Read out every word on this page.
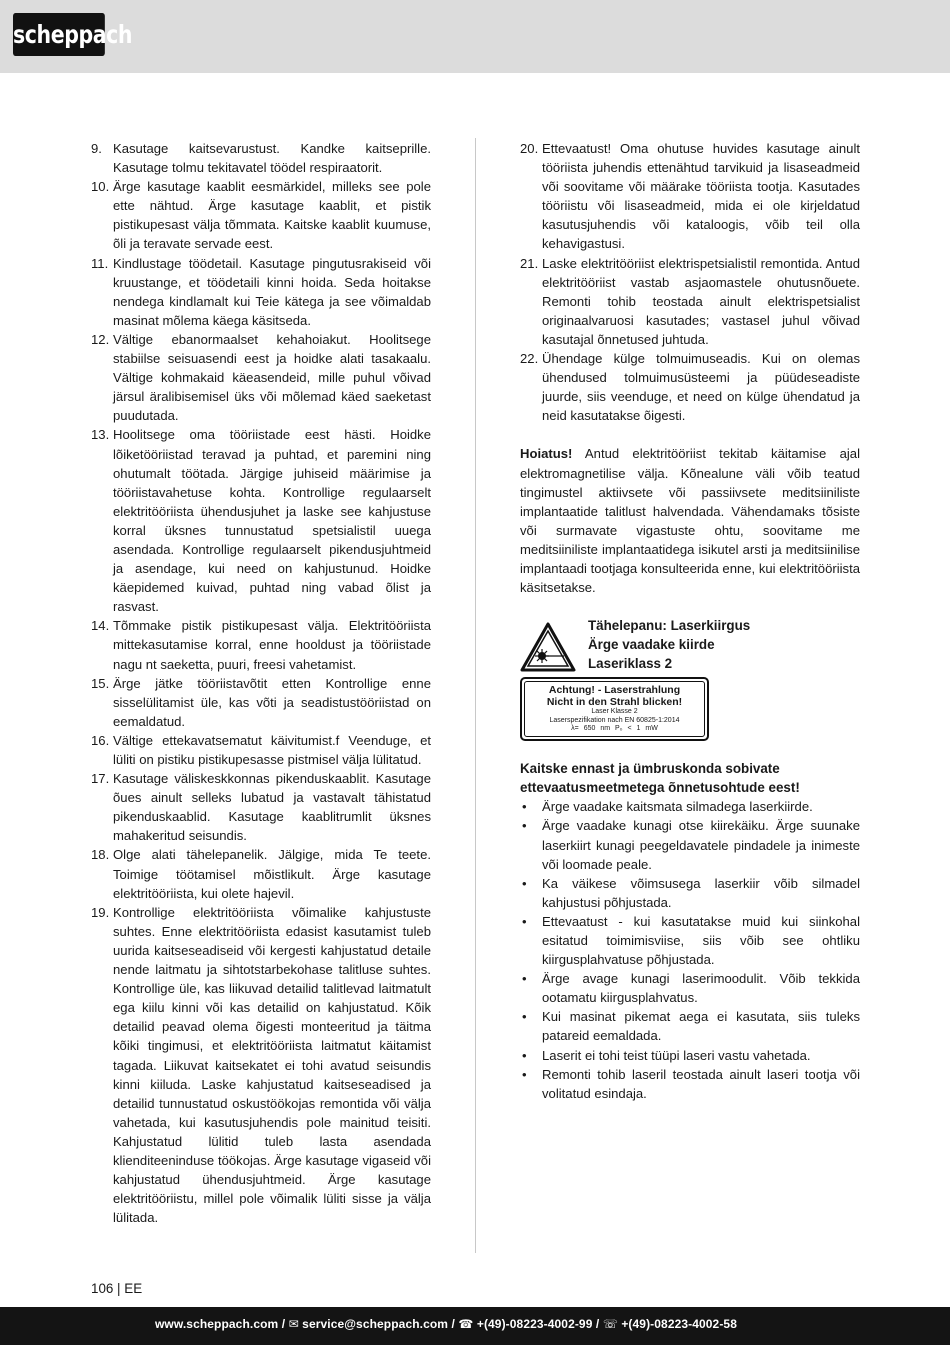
scheppach
9. Kasutage kaitsevarustust. Kandke kaitseprille. Kasutage tolmu tekitavatel töödel respiraatorit.
10. Ärge kasutage kaablit eesmärkidel, milleks see pole ette nähtud. Ärge kasutage kaablit, et pistik pistikupesast välja tõmmata. Kaitske kaablit kuumuse, õli ja teravate servade eest.
11. Kindlustage töödetail. Kasutage pingutusrakiseid või kruustange, et töödetaili kinni hoida. Seda hoitakse nendega kindlamalt kui Teie kätega ja see võimaldab masinat mõlema käega käsitseda.
12. Vältige ebanormaalset kehahoiakut. Hoolitsege stabiilse seisuasendi eest ja hoidke alati tasakaalu. Vältige kohmakaid käeasendeid, mille puhul võivad järsul äralibisemisel üks või mõlemad käed saeketast puudutada.
13. Hoolitsege oma tööriistade eest hästi. Hoidke lõiketööriistad teravad ja puhtad, et paremini ning ohutumalt töötada. Järgige juhiseid määrimise ja tööriistavahetuse kohta. Kontrollige regulaarselt elektritööriista ühendusjuhet ja laske see kahjustuse korral üksnes tunnustatud spetsialistil uuega asendada. Kontrollige regulaarselt pikendusjuhtmeid ja asendage, kui need on kahjustunud. Hoidke käepidemed kuivad, puhtad ning vabad õlist ja rasvast.
14. Tõmmake pistik pistikupesast välja. Elektritööriista mittekasutamise korral, enne hooldust ja tööriistade nagu nt saeketta, puuri, freesi vahetamist.
15. Ärge jätke tööriistavõtit etten Kontrollige enne sisselülitamist üle, kas võti ja seadistustööriistad on eemaldatud.
16. Vältige ettekavatsematut käivitumist.f Veenduge, et lüliti on pistiku pistikupesasse pistmisel välja lülitatud.
17. Kasutage väliskeskkonnas pikenduskaablit. Kasutage õues ainult selleks lubatud ja vastavalt tähistatud pikenduskaablid. Kasutage kaablitrumlit üksnes mahakeritud seisundis.
18. Olge alati tähelepanelik. Jälgige, mida Te teete. Toimige töötamisel mõistlikult. Ärge kasutage elektritööriista, kui olete hajevil.
19. Kontrollige elektritööriista võimalike kahjustuste suhtes. Enne elektritööriista edasist kasutamist tuleb uurida kaitseseadiseid või kergesti kahjustatud detaile nende laitmatu ja sihtotstarbekohase talitluse suhtes. Kontrollige üle, kas liikuvad detailid talitlevad laitmatult ega kiilu kinni või kas detailid on kahjustatud. Kõik detailid peavad olema õigesti monteeritud ja täitma kõiki tingimusi, et elektritööriista laitmatut käitamist tagada. Liikuvat kaitsekatet ei tohi avatud seisundis kinni kiiluda. Laske kahjustatud kaitseseadised ja detailid tunnustatud oskustöökojas remontida või välja vahetada, kui kasutusjuhendis pole mainitud teisiti. Kahjustatud lülitid tuleb lasta asendada klienditeeninduse töökojas. Ärge kasutage vigaseid või kahjustatud ühendusjuhtmeid. Ärge kasutage elektritööriistu, millel pole võimalik lüliti sisse ja välja lülitada.
20. Ettevaatust! Oma ohutuse huvides kasutage ainult tööriista juhendis ettenähtud tarvikuid ja lisaseadmeid või soovitame või määrake tööriista tootja. Kasutades tööriistu või lisaseadmeid, mida ei ole kirjeldatud kasutusjuhendis või kataloogis, võib teil olla kehavigastusi.
21. Laske elektritööriist elektrispetsialistil remontida. Antud elektritööriist vastab asjaomastele ohutusnõuete. Remonti tohib teostada ainult elektrispetsialist originaalvaruosi kasutades; vastasel juhul võivad kasutajal õnnetused juhtuda.
22. Ühendage külge tolmuimuseadis. Kui on olemas ühendused tolmuimusüsteemi ja püüdeseadiste juurde, siis veenduge, et need on külge ühendatud ja neid kasutatakse õigesti.

Hoiatus! Antud elektritööriist tekitab käitamise ajal elektromagnetilise välja. Kõnealune väli võib teatud tingimustel aktiivsete või passiivsete meditsiiniliste implantaatide talitlust halvendada. Vähendamaks tõsiste või surmavate vigastuste ohtu, soovitame me meditsiiniliste implantaatidega isikutel arsti ja meditsiinilise implantaadi tootjaga konsulteerida enne, kui elektritööriista käsitsetakse.

Tähelepanu: Laserkiirgus
Ärge vaadake kiirde
Laseriklass 2
Achtung! - Laserstrahlung
Nicht in den Strahl blicken!
Laser Klasse 2
Laserspezifikation nach EN 60825-1:2014
λ= 650 nm P₀ < 1 mW
Kaitske ennast ja ümbruskonda sobivate ettevaatusmeetmetega õnnetusohtude eest!
• Ärge vaadake kaitsmata silmadega laserkiirde.
• Ärge vaadake kunagi otse kiirekäiku. Ärge suunake laserkiirt kunagi peegeldavatele pindadele ja inimeste või loomade peale.
• Ka väikese võimsusega laserkiir võib silmadel kahjustusi põhjustada.
• Ettevaatust - kui kasutatakse muid kui siinkohal esitatud toimimisviise, siis võib see ohtliku kiirgusplahvatuse põhjustada.
• Ärge avage kunagi laserimoodulit. Võib tekkida ootamatu kiirgusplahvatus.
• Kui masinat pikemat aega ei kasutata, siis tuleks patareid eemaldada.
• Laserit ei tohi teist tüüpi laseri vastu vahetada.
• Remonti tohib laseril teostada ainult laseri tootja või volitatud esindaja.
106 | EE
www.scheppach.com / ✉ service@scheppach.com / ☎ +(49)-08223-4002-99 / ☏ +(49)-08223-4002-58
